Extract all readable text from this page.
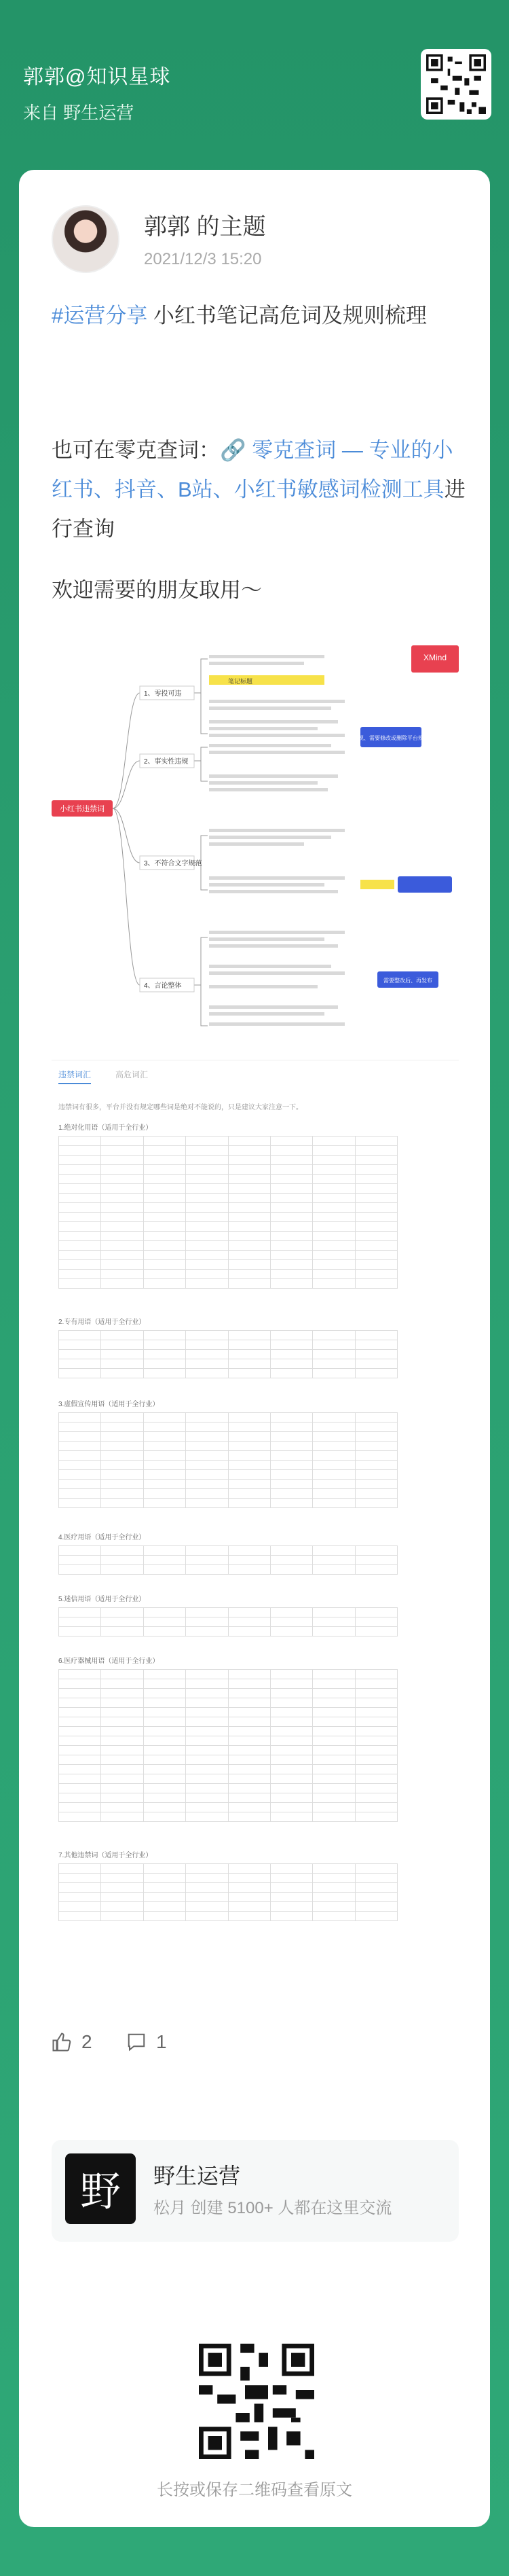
郭郭@知识星球
来自 野生运营
郭郭 的主题
2021/12/3 15:20
#运营分享 小红书笔记高危词及规则梳理
也可在零克查词：🔗 零克查词 — 专业的小红书、抖音、B站、小红书敏感词检测工具进行查询
欢迎需要的朋友取用～
小红书违禁词
1、零投可违
2、事实性违规
3、不符合文字规范
4、言论整体
笔记标题
违规、需要修改或删除平台规则
需要整改后、再发布
XMind
违禁词汇	高危词汇
违禁词有很多，平台并没有规定哪些词是绝对不能说的，只是建议大家注意一下。
1.绝对化用语（适用于全行业）
2.专有用语（适用于全行业）
3.虚假宣传用语（适用于全行业）
4.医疗用语（适用于全行业）
5.迷信用语（适用于全行业）
6.医疗器械用语（适用于全行业）
7.其他违禁词（适用于全行业）
2	1
野	野生运营
松月 创建 5100+ 人都在这里交流
长按或保存二维码查看原文
